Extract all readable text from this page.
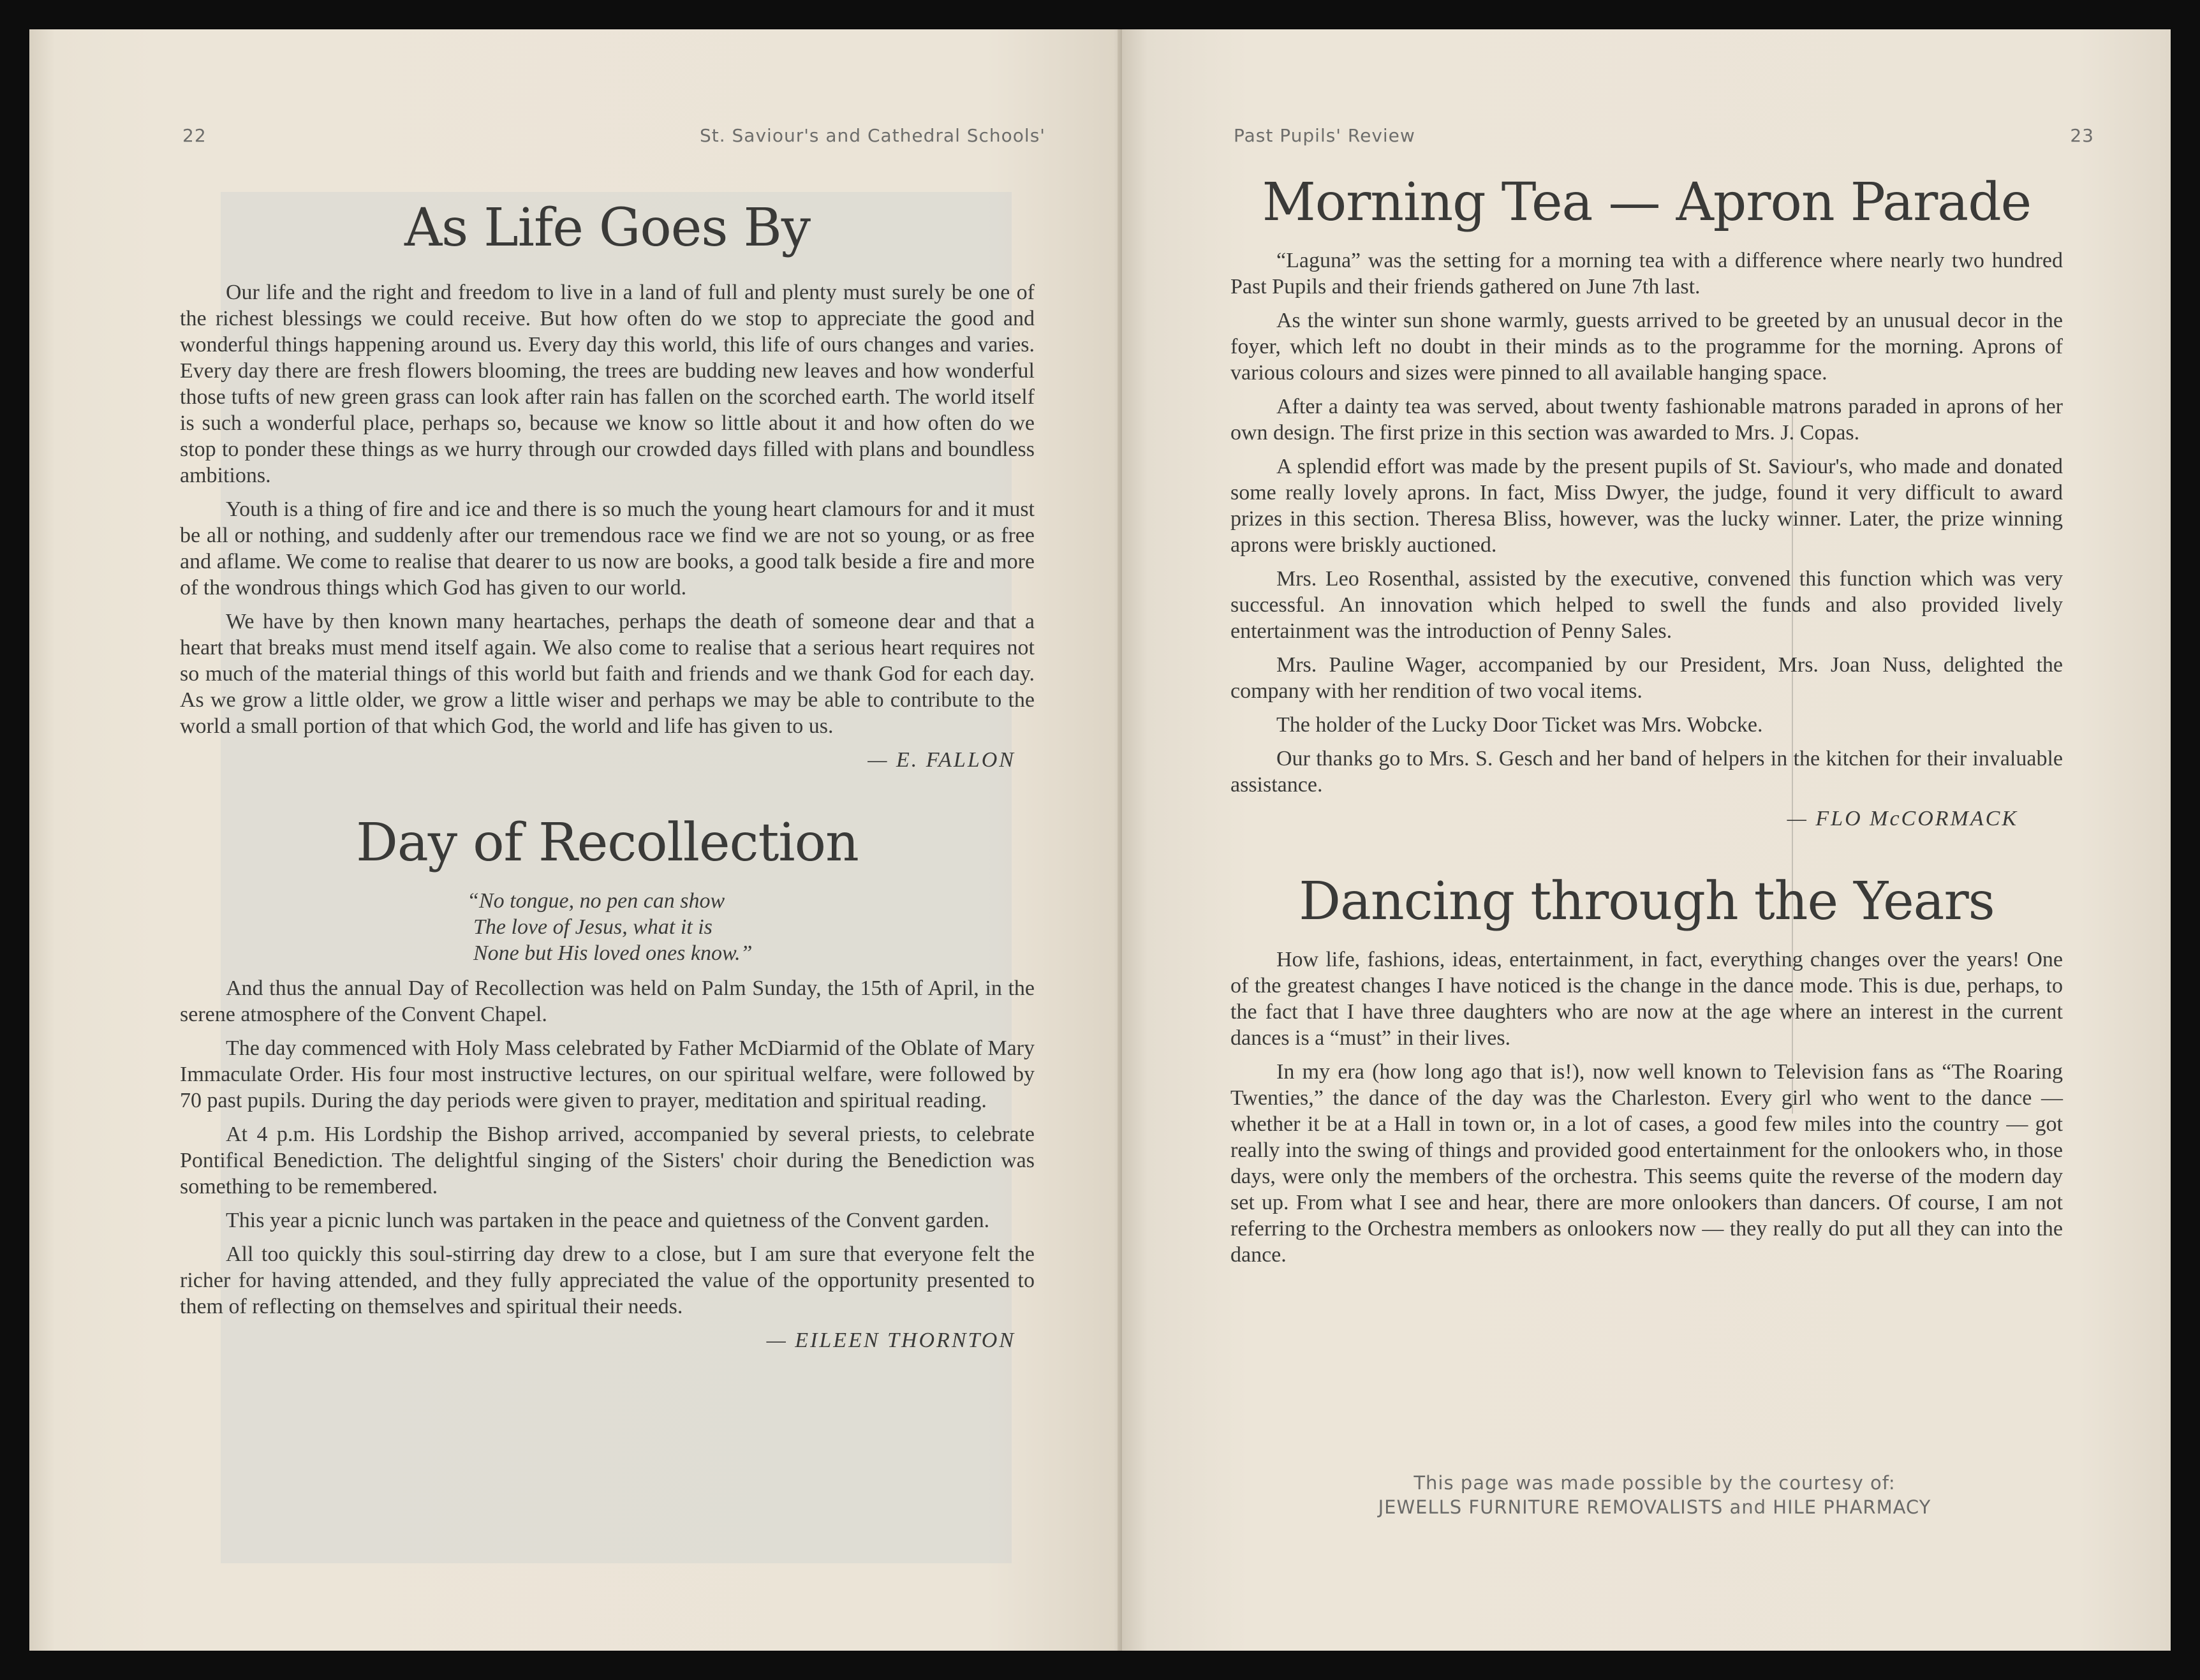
22	St. Saviour's and Cathedral Schools'
As Life Goes By

Our life and the right and freedom to live in a land of full and plenty must surely be one of the richest blessings we could receive. But how often do we stop to appreciate the good and wonderful things happening around us. Every day this world, this life of ours changes and varies. Every day there are fresh flowers blooming, the trees are budding new leaves and how wonderful those tufts of new green grass can look after rain has fallen on the scorched earth. The world itself is such a wonderful place, perhaps so, because we know so little about it and how often do we stop to ponder these things as we hurry through our crowded days filled with plans and boundless ambitions.

Youth is a thing of fire and ice and there is so much the young heart clamours for and it must be all or nothing, and suddenly after our tremendous race we find we are not so young, or as free and aflame. We come to realise that dearer to us now are books, a good talk beside a fire and more of the wondrous things which God has given to our world.

We have by then known many heartaches, perhaps the death of someone dear and that a heart that breaks must mend itself again. We also come to realise that a serious heart requires not so much of the material things of this world but faith and friends and we thank God for each day. As we grow a little older, we grow a little wiser and perhaps we may be able to contribute to the world a small portion of that which God, the world and life has given to us.

— E. FALLON
Day of Recollection
“No tongue, no pen can show
The love of Jesus, what it is
None but His loved ones know.”

And thus the annual Day of Recollection was held on Palm Sunday, the 15th of April, in the serene atmosphere of the Convent Chapel.

The day commenced with Holy Mass celebrated by Father McDiarmid of the Oblate of Mary Immaculate Order. His four most instructive lectures, on our spiritual welfare, were followed by 70 past pupils. During the day periods were given to prayer, meditation and spiritual reading.

At 4 p.m. His Lordship the Bishop arrived, accompanied by several priests, to celebrate Pontifical Benediction. The delightful singing of the Sisters' choir during the Benediction was something to be remembered.

This year a picnic lunch was partaken in the peace and quietness of the Convent garden.

All too quickly this soul-stirring day drew to a close, but I am sure that everyone felt the richer for having attended, and they fully appreciated the value of the opportunity presented to them of reflecting on themselves and spiritual their needs.

— EILEEN THORNTON
Past Pupils' Review	23
Morning Tea — Apron Parade

“Laguna” was the setting for a morning tea with a difference where nearly two hundred Past Pupils and their friends gathered on June 7th last.

As the winter sun shone warmly, guests arrived to be greeted by an unusual decor in the foyer, which left no doubt in their minds as to the programme for the morning. Aprons of various colours and sizes were pinned to all available hanging space.

After a dainty tea was served, about twenty fashionable matrons paraded in aprons of her own design. The first prize in this section was awarded to Mrs. J. Copas.

A splendid effort was made by the present pupils of St. Saviour's, who made and donated some really lovely aprons. In fact, Miss Dwyer, the judge, found it very difficult to award prizes in this section. Theresa Bliss, however, was the lucky winner. Later, the prize winning aprons were briskly auctioned.

Mrs. Leo Rosenthal, assisted by the executive, convened this function which was very successful. An innovation which helped to swell the funds and also provided lively entertainment was the introduction of Penny Sales.

Mrs. Pauline Wager, accompanied by our President, Mrs. Joan Nuss, delighted the company with her rendition of two vocal items.

The holder of the Lucky Door Ticket was Mrs. Wobcke.

Our thanks go to Mrs. S. Gesch and her band of helpers in the kitchen for their invaluable assistance.

— FLO McCORMACK
Dancing through the Years

How life, fashions, ideas, entertainment, in fact, everything changes over the years! One of the greatest changes I have noticed is the change in the dance mode. This is due, perhaps, to the fact that I have three daughters who are now at the age where an interest in the current dances is a “must” in their lives.

In my era (how long ago that is!), now well known to Television fans as “The Roaring Twenties,” the dance of the day was the Charleston. Every girl who went to the dance — whether it be at a Hall in town or, in a lot of cases, a good few miles into the country — got really into the swing of things and provided good entertainment for the onlookers who, in those days, were only the members of the orchestra. This seems quite the reverse of the modern day set up. From what I see and hear, there are more onlookers than dancers. Of course, I am not referring to the Orchestra members as onlookers now — they really do put all they can into the dance.

This page was made possible by the courtesy of:
JEWELLS FURNITURE REMOVALISTS and HILE PHARMACY
